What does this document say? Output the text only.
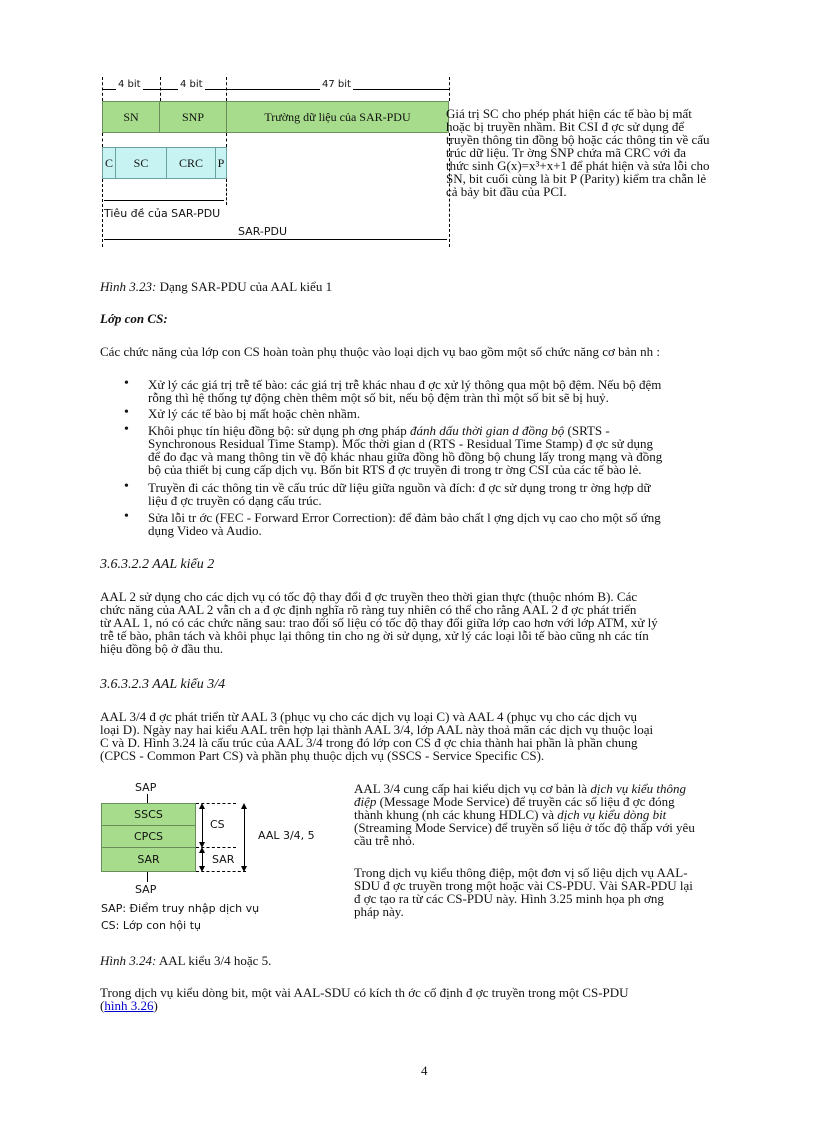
4 bit	4 bit	47 bit
SN	SNP	Trường dữ liệu của SAR-PDU
C	SC	CRC	P
Tiêu đề của SAR-PDU
SAR-PDU
Giá trị SC cho phép phát hiện các tế bào bị mất
hoặc bị truyền nhầm. Bit CSI đ ợc sử dụng để
truyền thông tin đồng bộ hoặc các thông tin về cấu
trúc dữ liệu. Tr ờng SNP chứa mã CRC với đa
thức sinh G(x)=x³+x+1 để phát hiện và sửa lỗi cho
SN, bit cuối cùng là bit P (Parity) kiểm tra chẵn lẻ
cả bảy bit đầu của PCI.
Hình 3.23: Dạng SAR-PDU của AAL kiểu 1
Lớp con CS:
Các chức năng của lớp con CS hoàn toàn phụ thuộc vào loại dịch vụ bao gồm một số chức năng cơ bản nh :
• Xử lý các giá trị trễ tế bào: các giá trị trễ khác nhau đ ợc xử lý thông qua một bộ đệm. Nếu bộ đệm
rỗng thì hệ thống tự động chèn thêm một số bit, nếu bộ đệm tràn thì một số bit sẽ bị huỷ.
• Xử lý các tế bào bị mất hoặc chèn nhầm.
• Khôi phục tín hiệu đồng bộ: sử dụng ph ơng pháp đánh dấu thời gian d đồng bộ (SRTS -
Synchronous Residual Time Stamp). Mốc thời gian d (RTS - Residual Time Stamp) đ ợc sử dụng
để đo đạc và mang thông tin về độ khác nhau giữa đồng hồ đồng bộ chung lấy trong mạng và đồng
bộ của thiết bị cung cấp dịch vụ. Bốn bit RTS đ ợc truyền đi trong tr ờng CSI của các tế bào lẻ.
• Truyền đi các thông tin về cấu trúc dữ liệu giữa nguồn và đích: đ ợc sử dụng trong tr ờng hợp dữ
liệu đ ợc truyền có dạng cấu trúc.
• Sửa lỗi tr ớc (FEC - Forward Error Correction): để đảm bảo chất l ợng dịch vụ cao cho một số ứng
dụng Video và Audio.
3.6.3.2.2 AAL kiểu 2
AAL 2 sử dụng cho các dịch vụ có tốc độ thay đổi đ ợc truyền theo thời gian thực (thuộc nhóm B). Các
chức năng của AAL 2 vẫn ch a đ ợc định nghĩa rõ ràng tuy nhiên có thể cho rằng AAL 2 đ ợc phát triển
từ AAL 1, nó có các chức năng sau: trao đổi số liệu có tốc độ thay đổi giữa lớp cao hơn với lớp ATM, xử lý
trễ tế bào, phân tách và khôi phục lại thông tin cho ng ời sử dụng, xử lý các loại lỗi tế bào cũng nh các tín
hiệu đồng bộ ở đầu thu.
3.6.3.2.3 AAL kiểu 3/4
AAL 3/4 đ ợc phát triển từ AAL 3 (phục vụ cho các dịch vụ loại C) và AAL 4 (phục vụ cho các dịch vụ
loại D). Ngày nay hai kiểu AAL trên hợp lại thành AAL 3/4, lớp AAL này thoả mãn các dịch vụ thuộc loại
C và D. Hình 3.24 là cấu trúc của AAL 3/4 trong đó lớp con CS đ ợc chia thành hai phần là phần chung
(CPCS - Common Part CS) và phần phụ thuộc dịch vụ (SSCS - Service Specific CS).
SAP
SSCS
CPCS
SAR
SAP
CS
SAR
AAL 3/4, 5
SAP: Điểm truy nhập dịch vụ
CS: Lớp con hội tụ
Hình 3.24: AAL kiểu 3/4 hoặc 5.
AAL 3/4 cung cấp hai kiểu dịch vụ cơ bản là dịch vụ kiểu thông
điệp (Message Mode Service) để truyền các số liệu đ ợc đóng
thành khung (nh các khung HDLC) và dịch vụ kiểu dòng bit
(Streaming Mode Service) để truyền số liệu ở tốc độ thấp với yêu
cầu trễ nhỏ.
Trong dịch vụ kiểu thông điệp, một đơn vị số liệu dịch vụ AAL-
SDU đ ợc truyền trong một hoặc vài CS-PDU. Vài SAR-PDU lại
đ ợc tạo ra từ các CS-PDU này. Hình 3.25 minh họa ph ơng
pháp này.
Trong dịch vụ kiểu dòng bit, một vài AAL-SDU có kích th ớc cố định đ ợc truyền trong một CS-PDU
(hình 3.26)
4
